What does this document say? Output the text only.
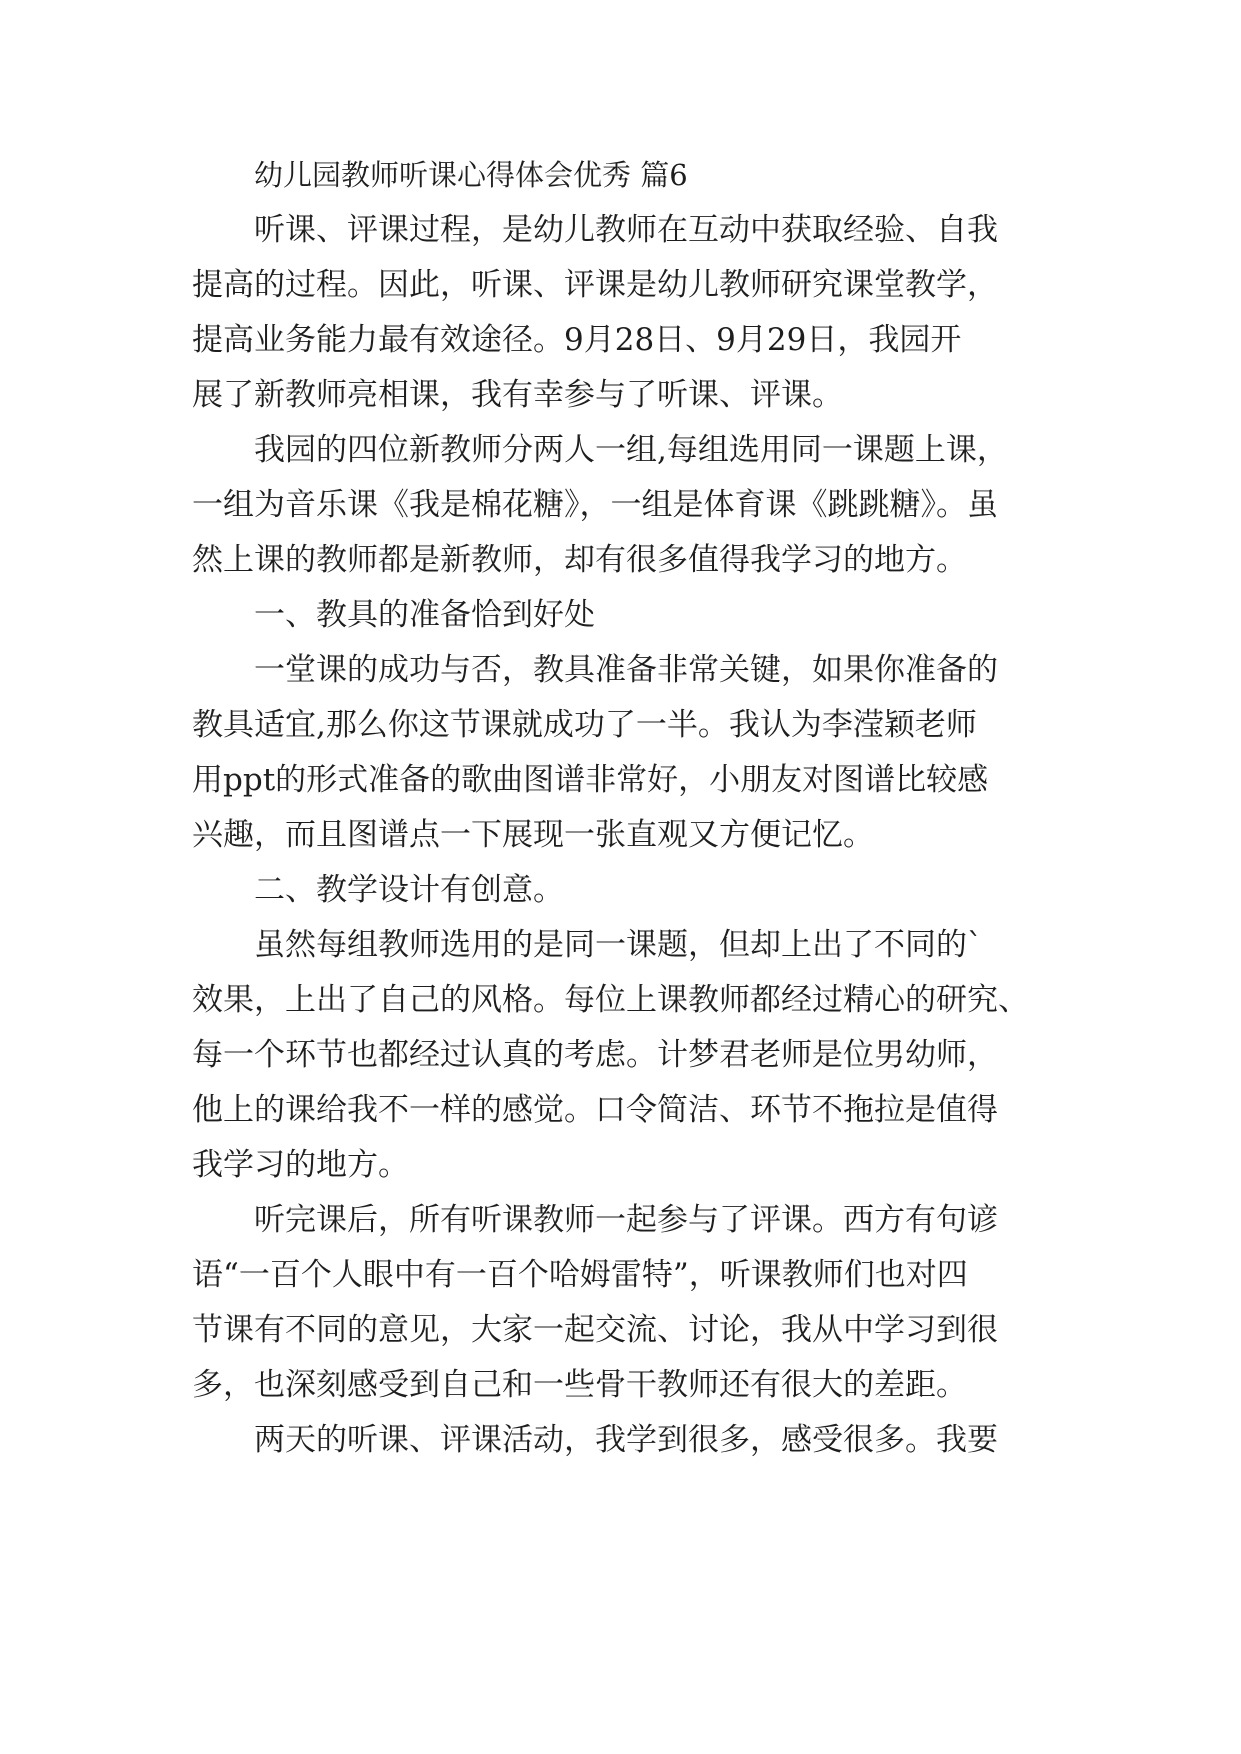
幼儿园教师听课心得体会优秀 篇6
听课、评课过程，是幼儿教师在互动中获取经验、自我
提高的过程。因此，听课、评课是幼儿教师研究课堂教学，
提高业务能力最有效途径。9月28日、9月29日，我园开
展了新教师亮相课，我有幸参与了听课、评课。
我园的四位新教师分两人一组,每组选用同一课题上课，
一组为音乐课《我是棉花糖》，一组是体育课《跳跳糖》。虽
然上课的教师都是新教师，却有很多值得我学习的地方。
一、教具的准备恰到好处
一堂课的成功与否，教具准备非常关键，如果你准备的
教具适宜,那么你这节课就成功了一半。我认为李滢颖老师
用ppt的形式准备的歌曲图谱非常好，小朋友对图谱比较感
兴趣，而且图谱点一下展现一张直观又方便记忆。
二、教学设计有创意。
虽然每组教师选用的是同一课题，但却上出了不同的`
效果，上出了自己的风格。每位上课教师都经过精心的研究、
每一个环节也都经过认真的考虑。计梦君老师是位男幼师，
他上的课给我不一样的感觉。口令简洁、环节不拖拉是值得
我学习的地方。
听完课后，所有听课教师一起参与了评课。西方有句谚
语“一百个人眼中有一百个哈姆雷特”，听课教师们也对四
节课有不同的意见，大家一起交流、讨论，我从中学习到很
多，也深刻感受到自己和一些骨干教师还有很大的差距。
两天的听课、评课活动，我学到很多，感受很多。我要
